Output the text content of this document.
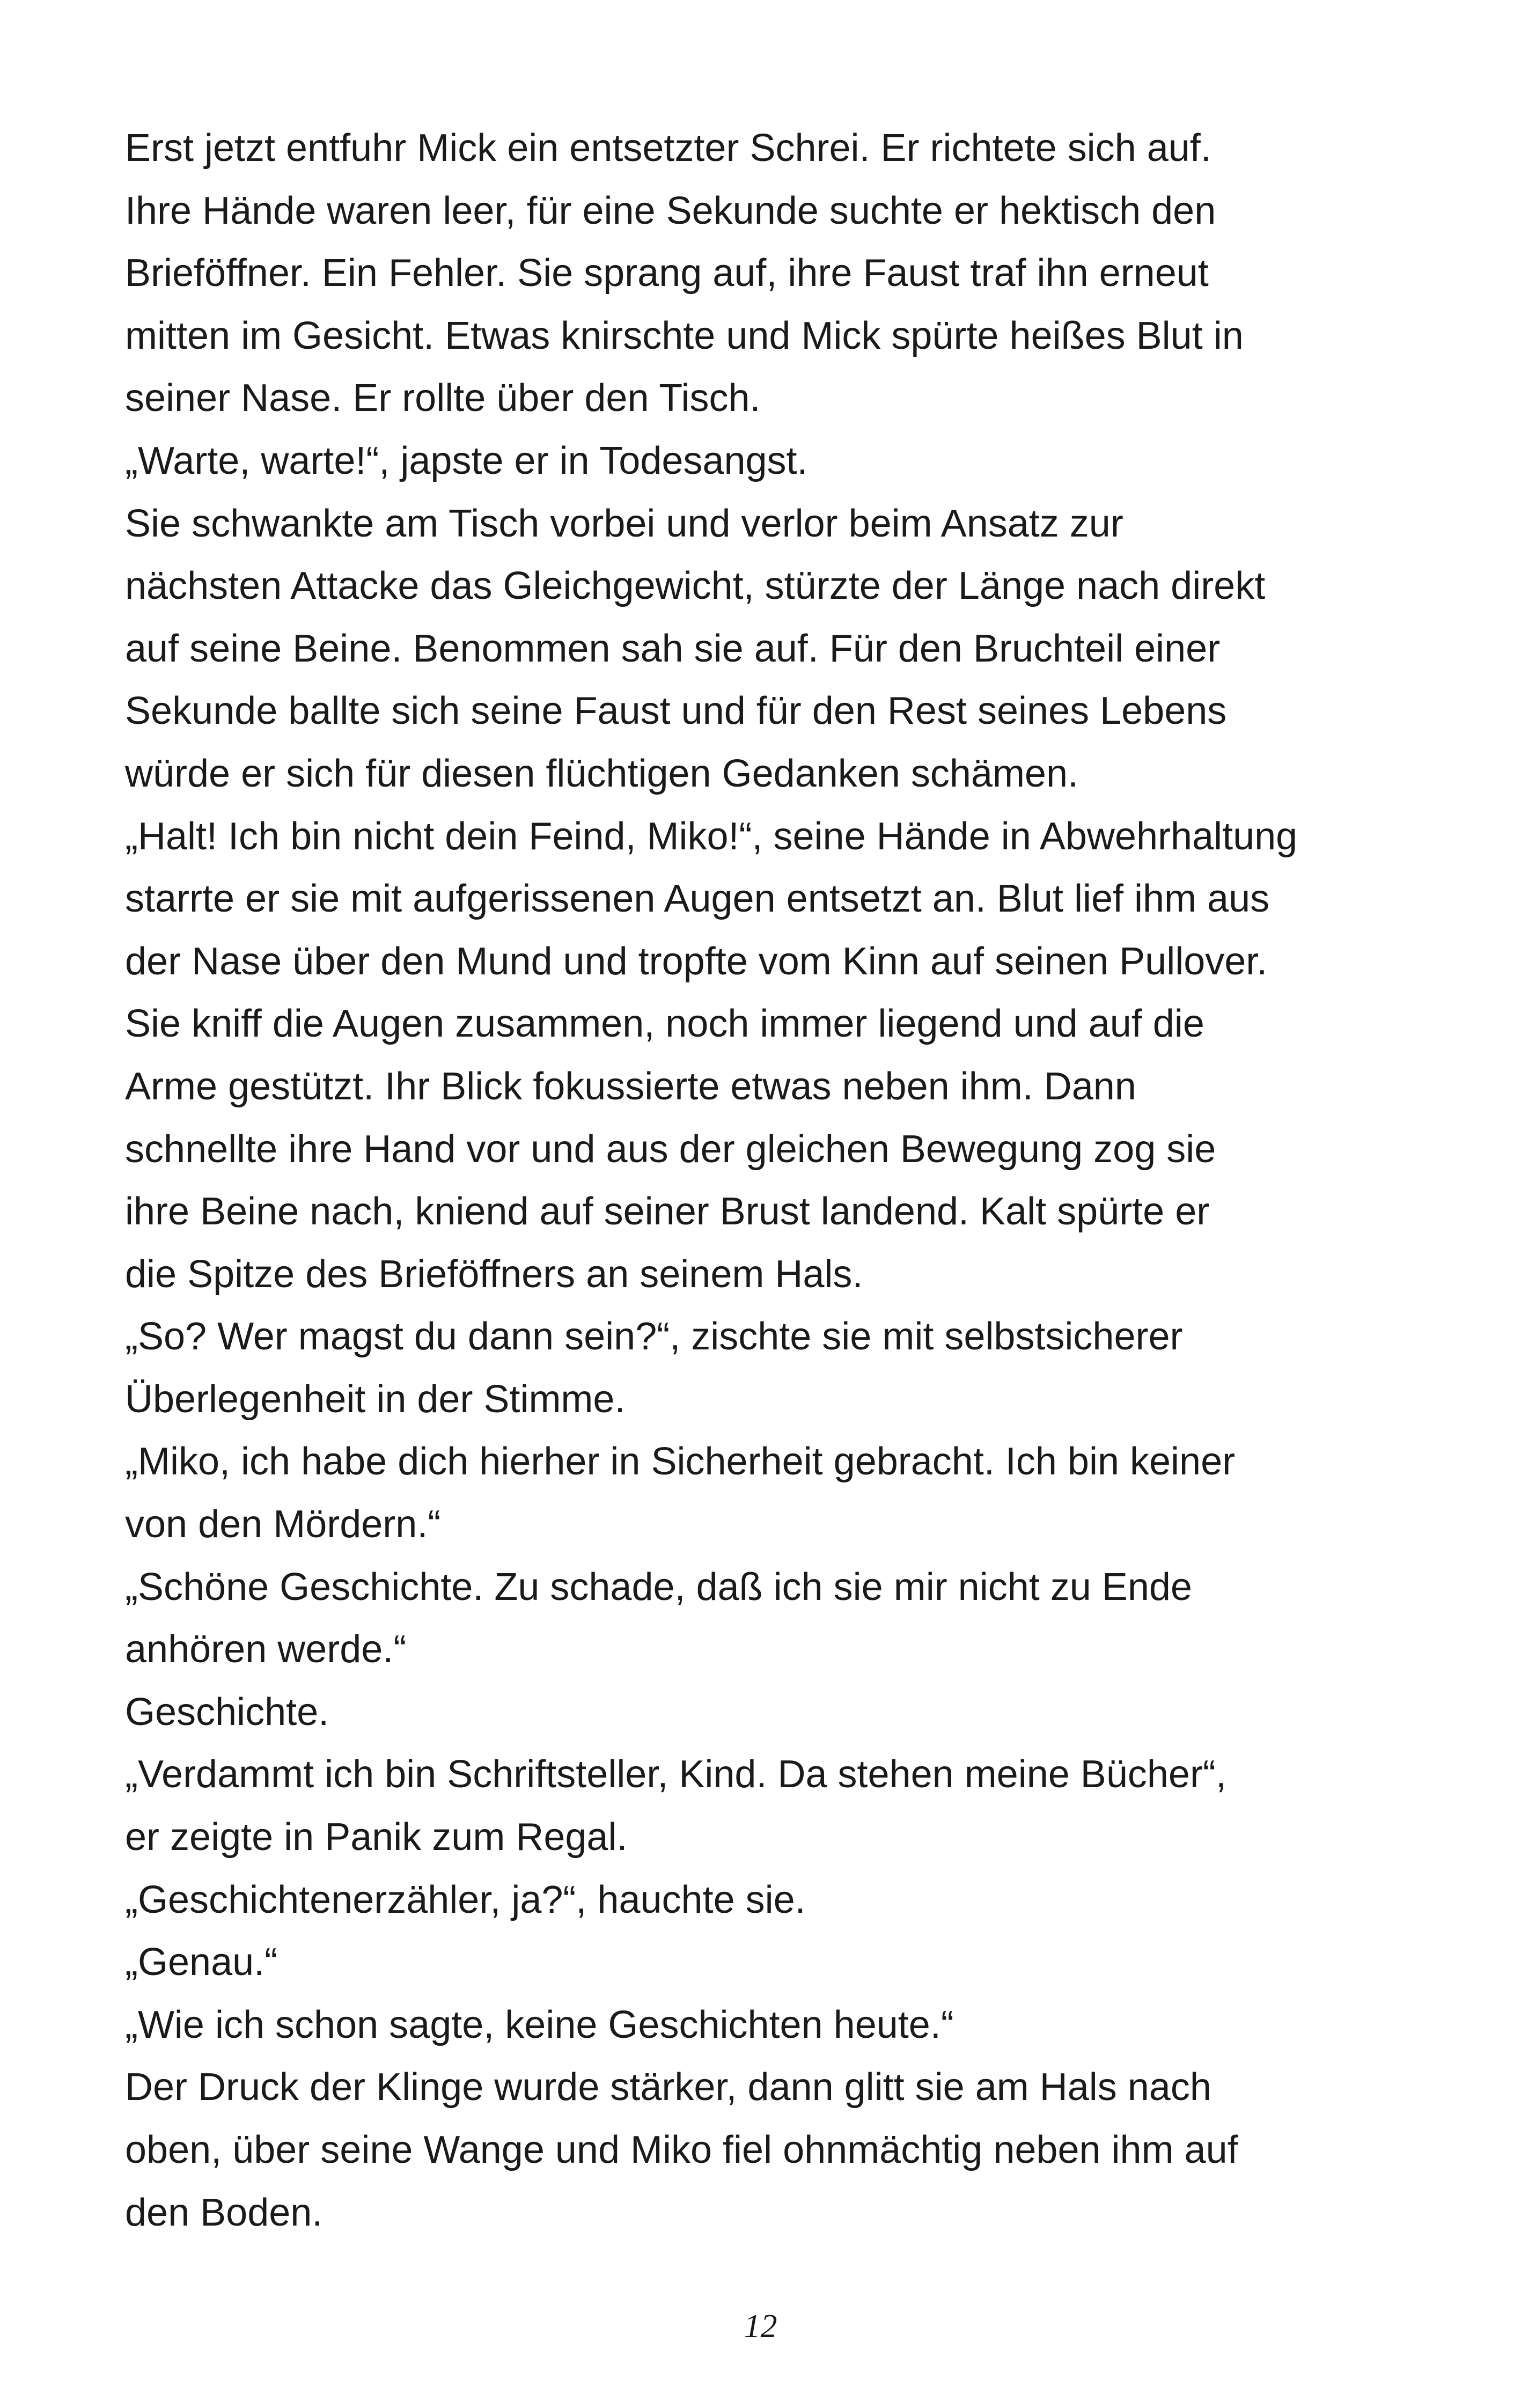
Erst jetzt entfuhr Mick ein entsetzter Schrei. Er richtete sich auf.
Ihre Hände waren leer, für eine Sekunde suchte er hektisch den
Brieföffner. Ein Fehler. Sie sprang auf, ihre Faust traf ihn erneut
mitten im Gesicht. Etwas knirschte und Mick spürte heißes Blut in
seiner Nase. Er rollte über den Tisch.
„Warte, warte!“, japste er in Todesangst.
Sie schwankte am Tisch vorbei und verlor beim Ansatz zur
nächsten Attacke das Gleichgewicht, stürzte der Länge nach direkt
auf seine Beine. Benommen sah sie auf. Für den Bruchteil einer
Sekunde ballte sich seine Faust und für den Rest seines Lebens
würde er sich für diesen flüchtigen Gedanken schämen.
„Halt! Ich bin nicht dein Feind, Miko!“, seine Hände in Abwehrhaltung
starrte er sie mit aufgerissenen Augen entsetzt an. Blut lief ihm aus
der Nase über den Mund und tropfte vom Kinn auf seinen Pullover.
Sie kniff die Augen zusammen, noch immer liegend und auf die
Arme gestützt. Ihr Blick fokussierte etwas neben ihm. Dann
schnellte ihre Hand vor und aus der gleichen Bewegung zog sie
ihre Beine nach, kniend auf seiner Brust landend. Kalt spürte er
die Spitze des Brieföffners an seinem Hals.
„So? Wer magst du dann sein?“, zischte sie mit selbstsicherer
Überlegenheit in der Stimme.
„Miko, ich habe dich hierher in Sicherheit gebracht. Ich bin keiner
von den Mördern.“
„Schöne Geschichte. Zu schade, daß ich sie mir nicht zu Ende
anhören werde.“
Geschichte.
„Verdammt ich bin Schriftsteller, Kind. Da stehen meine Bücher“,
er zeigte in Panik zum Regal.
„Geschichtenerzähler, ja?“, hauchte sie.
„Genau.“
„Wie ich schon sagte, keine Geschichten heute.“
Der Druck der Klinge wurde stärker, dann glitt sie am Hals nach
oben, über seine Wange und Miko fiel ohnmächtig neben ihm auf
den Boden.
12
